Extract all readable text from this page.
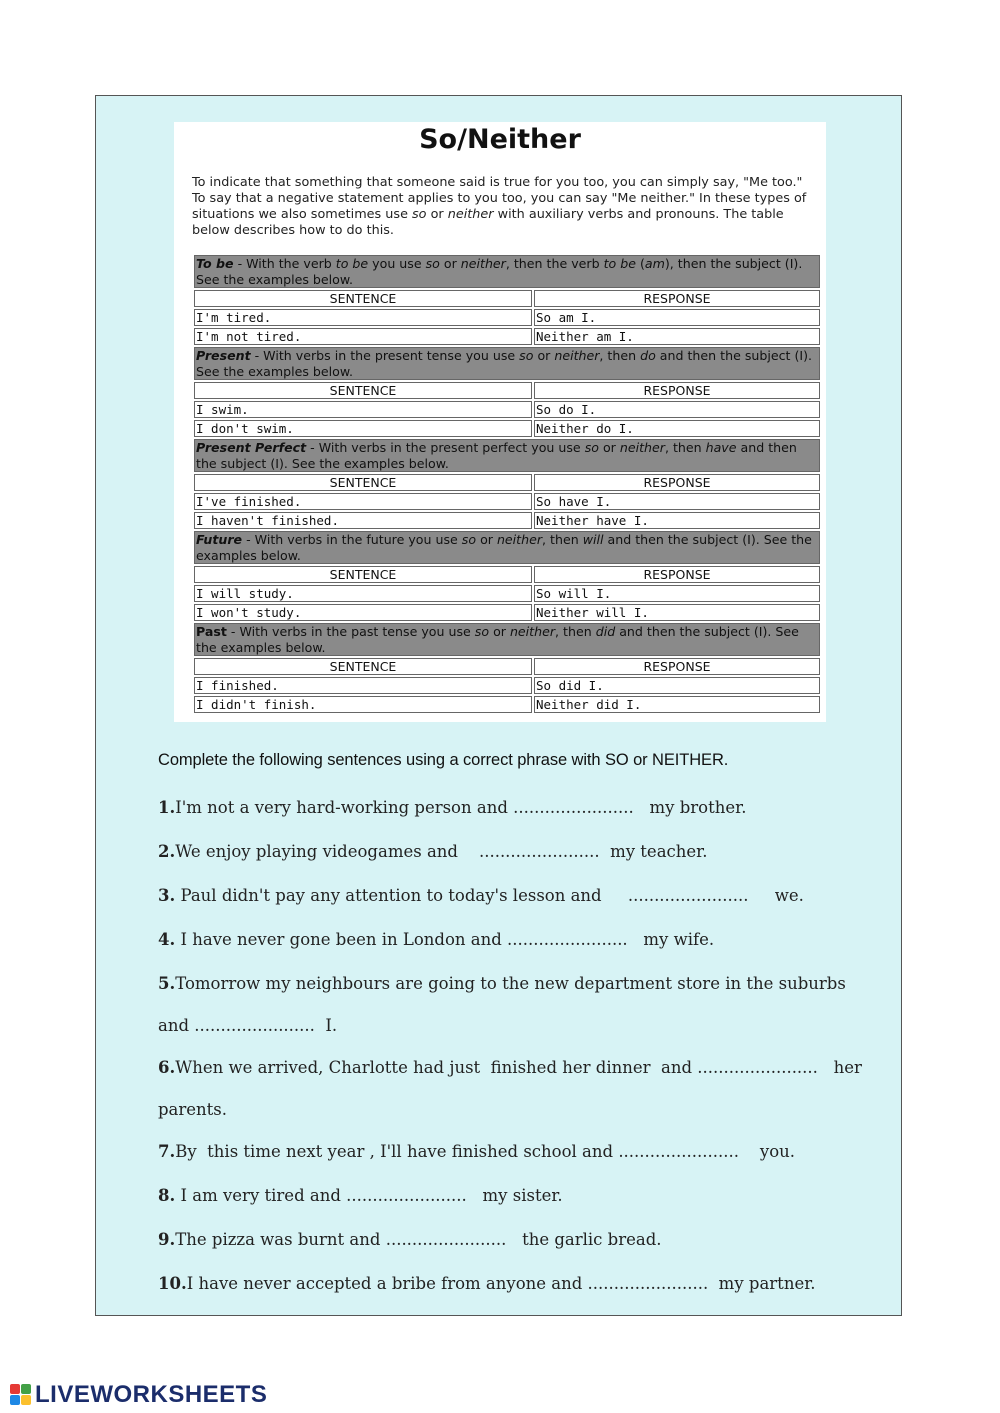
So/Neither
To indicate that something that someone said is true for you too, you can simply say, "Me too." To say that a negative statement applies to you too, you can say "Me neither." In these types of situations we also sometimes use so or neither with auxiliary verbs and pronouns. The table below describes how to do this.
To be - With the verb to be you use so or neither, then the verb to be (am), then the subject (I). See the examples below.	
SENTENCE	RESPONSE
I'm tired.	So am I.
I'm not tired.	Neither am I.
Present - With verbs in the present tense you use so or neither, then do and then the subject (I). See the examples below.	
SENTENCE	RESPONSE
I swim.	So do I.
I don't swim.	Neither do I.
Present Perfect - With verbs in the present perfect you use so or neither, then have and then the subject (I). See the examples below.	
SENTENCE	RESPONSE
I've finished.	So have I.
I haven't finished.	Neither have I.
Future - With verbs in the future you use so or neither, then will and then the subject (I). See the examples below.	
SENTENCE	RESPONSE
I will study.	So will I.
I won't study.	Neither will I.
Past - With verbs in the past tense you use so or neither, then did and then the subject (I). See the examples below.	
SENTENCE	RESPONSE
I finished.	So did I.
I didn't finish.	Neither did I.
Complete the following sentences using a correct phrase with SO or NEITHER.
1.I'm not a very hard-working person and .......................   my brother.
2.We enjoy playing videogames and    .......................  my teacher.
3. Paul didn't pay any attention to today's lesson and     .......................     we.
4. I have never gone been in London and .......................   my wife.
5.Tomorrow my neighbours are going to the new department store in the suburbs
and .......................  I.
6.When we arrived, Charlotte had just  finished her dinner  and .......................   her
parents.
7.By  this time next year , I'll have finished school and .......................    you.
8. I am very tired and .......................   my sister.
9.The pizza was burnt and .......................   the garlic bread.
10.I have never accepted a bribe from anyone and .......................  my partner.
LIVEWORKSHEETS
